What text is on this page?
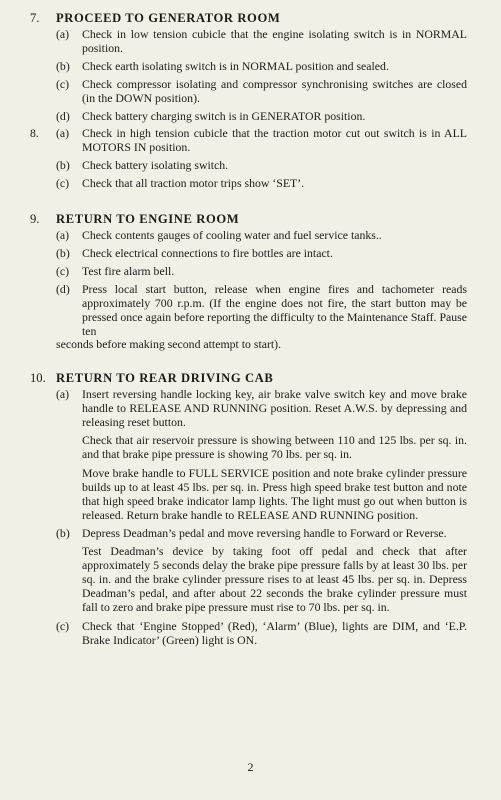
7.	PROCEED TO GENERATOR ROOM
(a)	Check in low tension cubicle that the engine isolating switch is in NORMAL position.
(b)	Check earth isolating switch is in NORMAL position and sealed.
(c)	Check compressor isolating and compressor synchronising switches are closed (in the DOWN position).
(d)	Check battery charging switch is in GENERATOR position.
8.	(a)	Check in high tension cubicle that the traction motor cut out switch is in ALL MOTORS IN position.
(b)	Check battery isolating switch.
(c)	Check that all traction motor trips show ‘SET’.
9.	RETURN TO ENGINE ROOM
(a)	Check contents gauges of cooling water and fuel service tanks..
(b)	Check electrical connections to fire bottles are intact.
(c)	Test fire alarm bell.
(d)	Press local start button, release when engine fires and tachometer reads approximately 700 r.p.m. (If the engine does not fire, the start button may be pressed once again before reporting the difficulty to the Maintenance Staff. Pause ten
seconds before making second attempt to start).
10. RETURN TO REAR DRIVING CAB
(a)	Insert reversing handle locking key, air brake valve switch key and move brake handle to RELEASE AND RUNNING position. Reset A.W.S. by depressing and releasing reset button.
Check that air reservoir pressure is showing between 110 and 125 lbs. per sq. in. and that brake pipe pressure is showing 70 lbs. per sq. in.
Move brake handle to FULL SERVICE position and note brake cylinder pressure builds up to at least 45 lbs. per sq. in. Press high speed brake test button and note that high speed brake indicator lamp lights. The light must go out when button is released. Return brake handle to RELEASE AND RUNNING position.
(b)	Depress Deadman’s pedal and move reversing handle to Forward or Reverse.
Test Deadman’s device by taking foot off pedal and check that after approximately 5 seconds delay the brake pipe pressure falls by at least 30 lbs. per sq. in. and the brake cylinder pressure rises to at least 45 lbs. per sq. in. Depress Deadman’s pedal, and after about 22 seconds the brake cylinder pressure must fall to zero and brake pipe pressure must rise to 70 lbs. per sq. in.
(c)	Check that ‘Engine Stopped’ (Red), ‘Alarm’ (Blue), lights are DIM, and ‘E.P. Brake Indicator’ (Green) light is ON.
2
